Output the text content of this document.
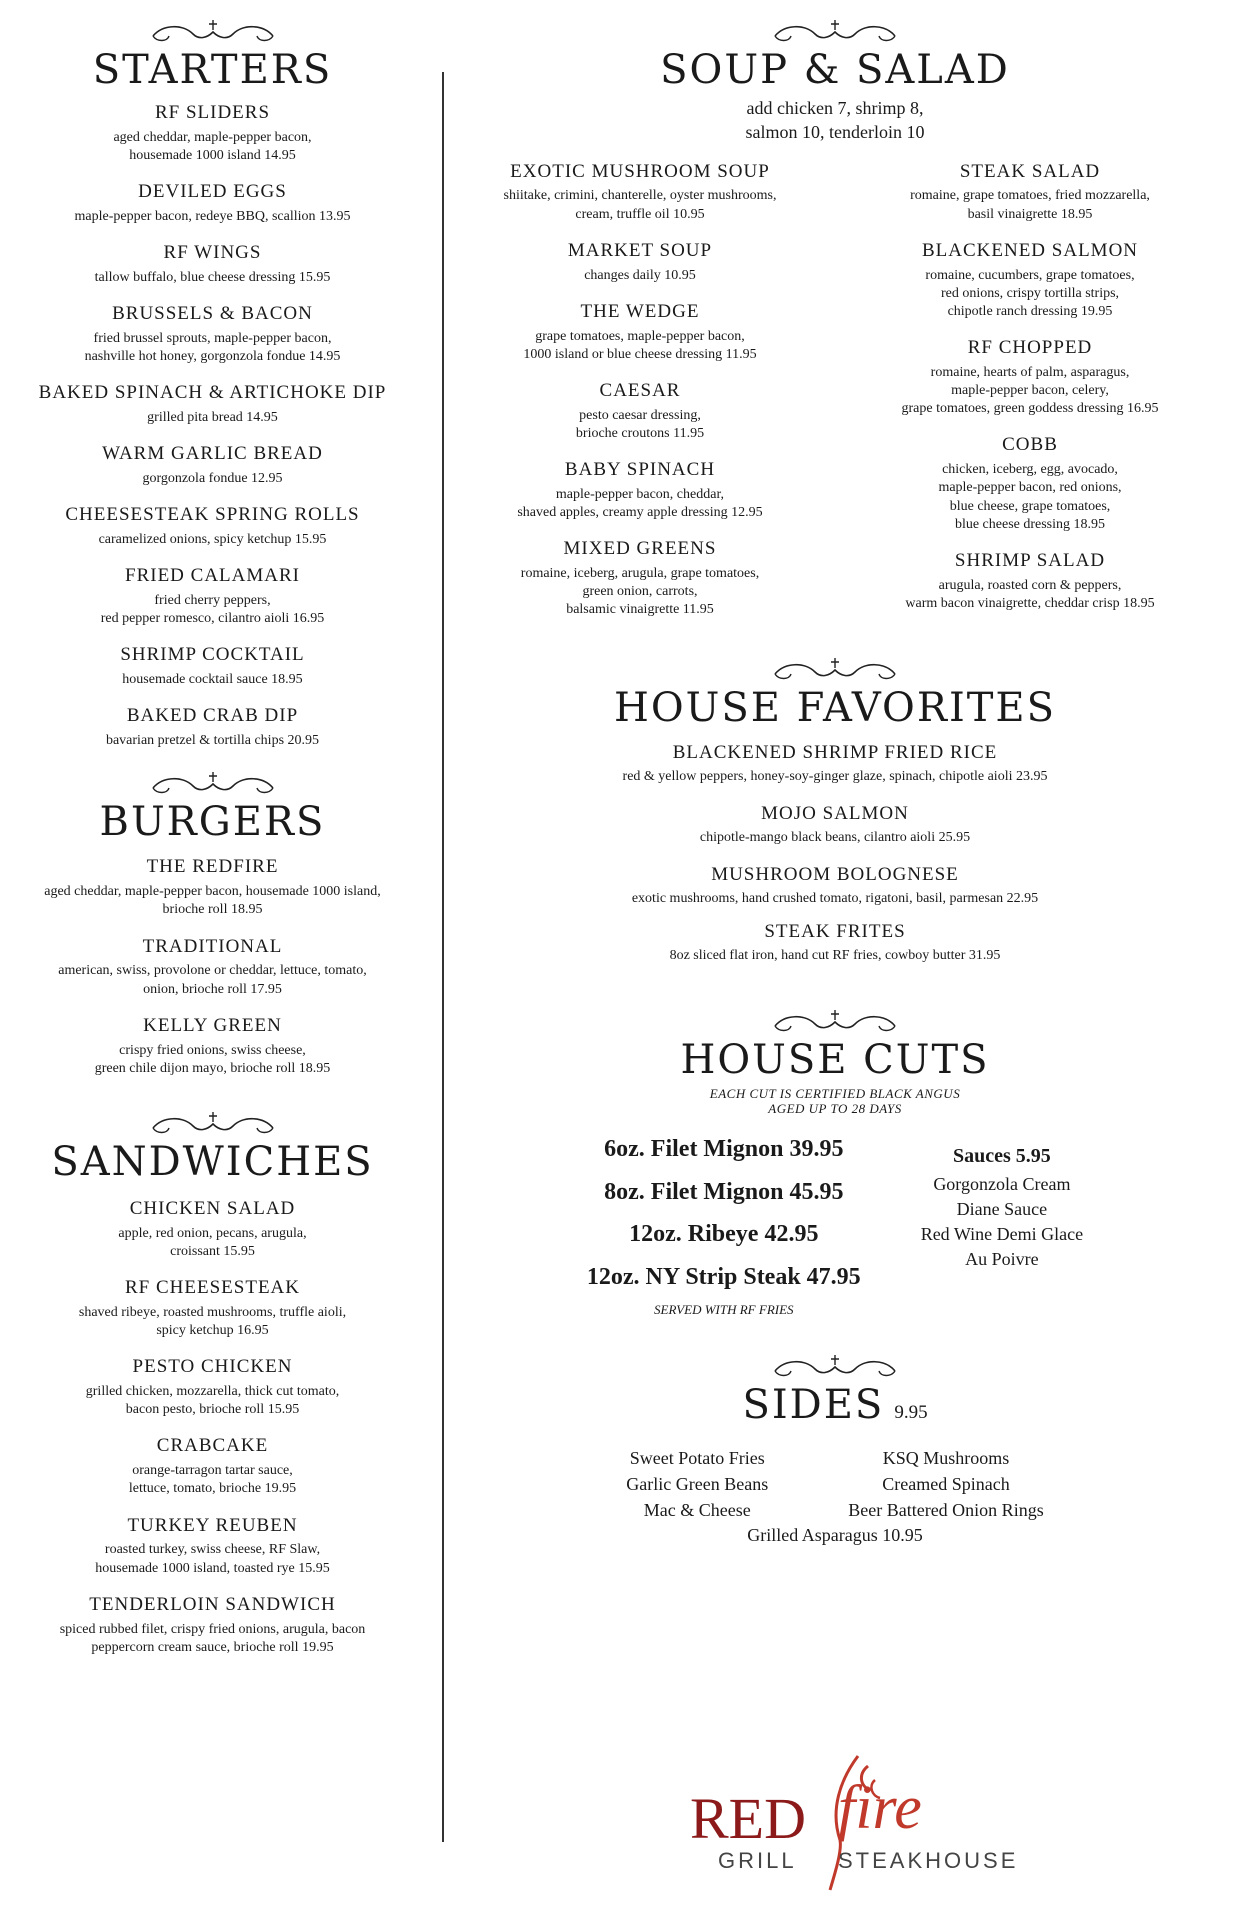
STARTERS

RF SLIDERS

aged cheddar, maple-pepper bacon,
housemade 1000 island 14.95

DEVILED EGGS

maple-pepper bacon, redeye BBQ, scallion 13.95

RF WINGS

tallow buffalo, blue cheese dressing 15.95

BRUSSELS & BACON

fried brussel sprouts, maple-pepper bacon,
nashville hot honey, gorgonzola fondue 14.95

BAKED SPINACH & ARTICHOKE DIP

grilled pita bread 14.95

WARM GARLIC BREAD

gorgonzola fondue 12.95

CHEESESTEAK SPRING ROLLS

caramelized onions, spicy ketchup 15.95

FRIED CALAMARI

fried cherry peppers,
red pepper romesco, cilantro aioli 16.95

SHRIMP COCKTAIL

housemade cocktail sauce 18.95

BAKED CRAB DIP

bavarian pretzel & tortilla chips 20.95

BURGERS

THE REDFIRE

aged cheddar, maple-pepper bacon, housemade 1000 island,
brioche roll 18.95

TRADITIONAL

american, swiss, provolone or cheddar, lettuce, tomato,
onion, brioche roll 17.95

KELLY GREEN

crispy fried onions, swiss cheese,
green chile dijon mayo, brioche roll 18.95

SANDWICHES

CHICKEN SALAD

apple, red onion, pecans, arugula,
croissant 15.95

RF CHEESESTEAK

shaved ribeye, roasted mushrooms, truffle aioli,
spicy ketchup 16.95

PESTO CHICKEN

grilled chicken, mozzarella, thick cut tomato,
bacon pesto, brioche roll 15.95

CRABCAKE

orange-tarragon tartar sauce,
lettuce, tomato, brioche 19.95

TURKEY REUBEN

roasted turkey, swiss cheese, RF Slaw,
housemade 1000 island, toasted rye 15.95

TENDERLOIN SANDWICH

spiced rubbed filet, crispy fried onions, arugula, bacon
peppercorn cream sauce, brioche roll 19.95

SOUP & SALAD

add chicken 7, shrimp 8,
salmon 10, tenderloin 10

EXOTIC MUSHROOM SOUP

shiitake, crimini, chanterelle, oyster mushrooms,
cream, truffle oil 10.95

MARKET SOUP

changes daily 10.95

THE WEDGE

grape tomatoes, maple-pepper bacon,
1000 island or blue cheese dressing 11.95

CAESAR

pesto caesar dressing,
brioche croutons 11.95

BABY SPINACH

maple-pepper bacon, cheddar,
shaved apples, creamy apple dressing 12.95

MIXED GREENS

romaine, iceberg, arugula, grape tomatoes,
green onion, carrots,
balsamic vinaigrette 11.95

STEAK SALAD

romaine, grape tomatoes, fried mozzarella,
basil vinaigrette 18.95

BLACKENED SALMON

romaine, cucumbers, grape tomatoes,
red onions, crispy tortilla strips,
chipotle ranch dressing 19.95

RF CHOPPED

romaine, hearts of palm, asparagus,
maple-pepper bacon, celery,
grape tomatoes, green goddess dressing 16.95

COBB

chicken, iceberg, egg, avocado,
maple-pepper bacon, red onions,
blue cheese, grape tomatoes,
blue cheese dressing 18.95

SHRIMP SALAD

arugula, roasted corn & peppers,
warm bacon vinaigrette, cheddar crisp 18.95

HOUSE FAVORITES

BLACKENED SHRIMP FRIED RICE

red & yellow peppers, honey-soy-ginger glaze, spinach, chipotle aioli 23.95

MOJO SALMON

chipotle-mango black beans, cilantro aioli 25.95

MUSHROOM BOLOGNESE

exotic mushrooms, hand crushed tomato, rigatoni, basil, parmesan 22.95

STEAK FRITES

8oz sliced flat iron, hand cut RF fries, cowboy butter 31.95

HOUSE CUTS

EACH CUT IS CERTIFIED BLACK ANGUS
AGED UP TO 28 DAYS

6oz. Filet Mignon 39.95

8oz. Filet Mignon 45.95

12oz. Ribeye 42.95

12oz. NY Strip Steak 47.95

SERVED WITH RF FRIES

Sauces 5.95

Gorgonzola Cream

Diane Sauce

Red Wine Demi Glace

Au Poivre

SIDES 9.95

Sweet Potato Fries

Garlic Green Beans

Mac & Cheese

KSQ Mushrooms

Creamed Spinach

Beer Battered Onion Rings

Grilled Asparagus 10.95

RED fire
GRILL STEAKHOUSE
